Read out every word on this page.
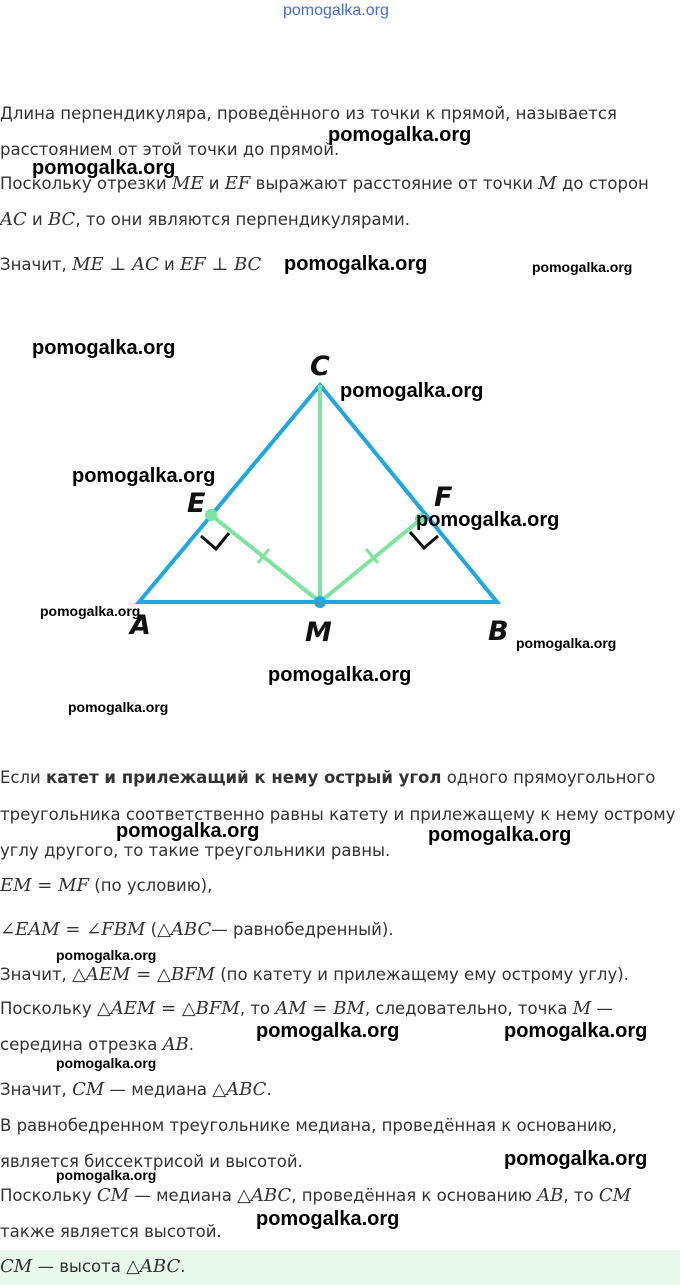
Длина перпендикуляра, проведённого из точки к прямой, называется
расстоянием от этой точки до прямой.
Поскольку отрезки ME и EF выражают расстояние от точки M до сторон
AC и BC, то они являются перпендикулярами.
Значит, ME ⊥ AC и EF ⊥ BC
C
E	F
A	M	B
Если катет и прилежащий к нему острый угол одного прямоугольного
треугольника соответственно равны катету и прилежащему к нему острому
углу другого, то такие треугольники равны.
EM = MF (по условию),
∠EAM = ∠FBM (△ABC— равнобедренный).
Значит, △AEM = △BFM (по катету и прилежащему ему острому углу).
Поскольку △AEM = △BFM, то AM = BM, следовательно, точка M —
середина отрезка AB.
Значит, CM — медиана △ABC.
В равнобедренном треугольнике медиана, проведённая к основанию,
является биссектрисой и высотой.
Поскольку CM — медиана △ABC, проведённая к основанию AB, то CM
также является высотой.
CM — высота △ABC.
pomogalka.org
pomogalka.org
pomogalka.org
pomogalka.org	pomogalka.org
pomogalka.org
pomogalka.org
pomogalka.org
pomogalka.org
pomogalka.org
pomogalka.org
pomogalka.org
pomogalka.org
pomogalka.org	pomogalka.org
pomogalka.org
pomogalka.org	pomogalka.org
pomogalka.org
pomogalka.org
pomogalka.org
pomogalka.org
